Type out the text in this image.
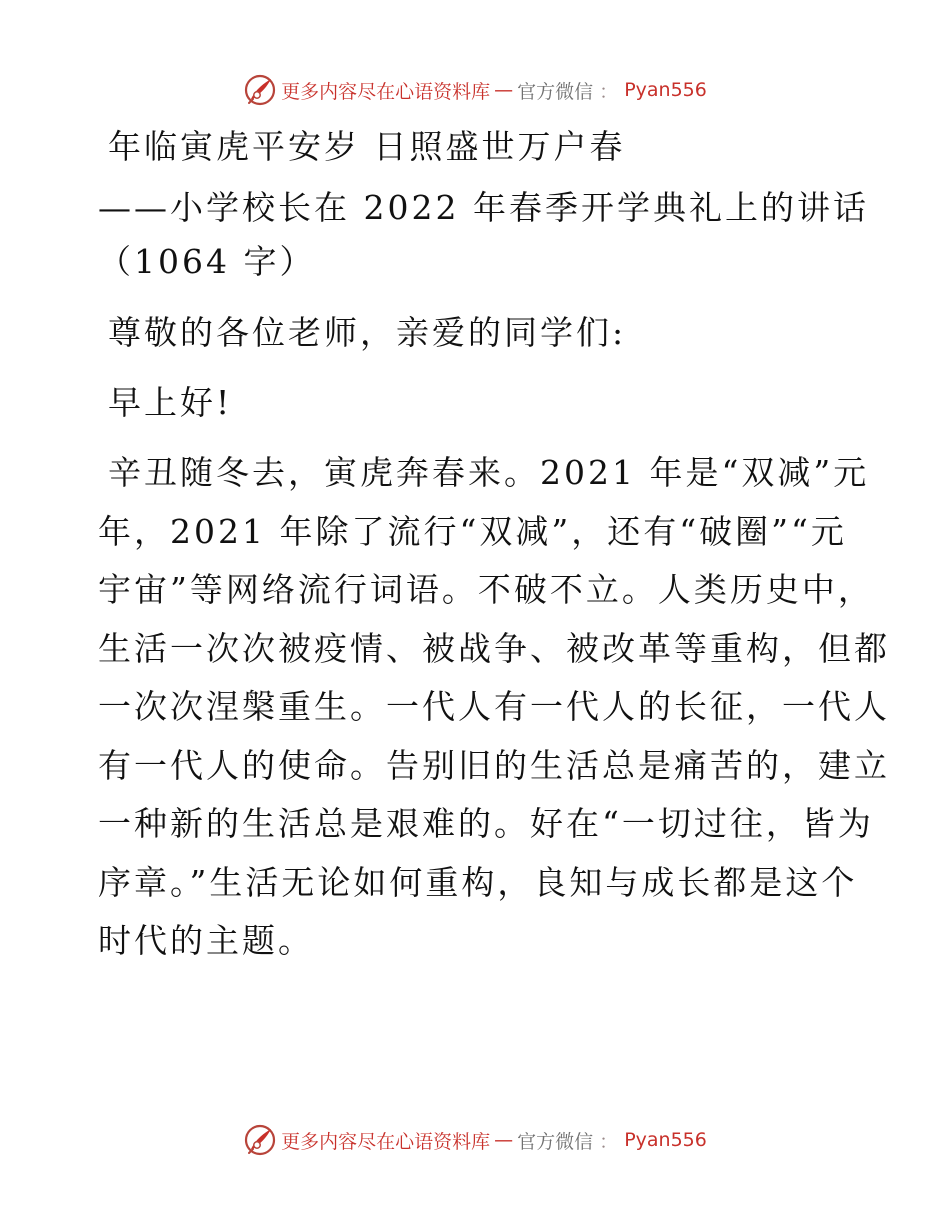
更多内容尽在心语资料库 — 官方微信 ： Pyan556
年临寅虎平安岁 日照盛世万户春
——小学校长在 2022 年春季开学典礼上的讲话
（1064 字）
尊敬的各位老师，亲爱的同学们:
早上好!
辛丑随冬去，寅虎奔春来。2021 年是“双减”元
年，2021 年除了流行“双减”，还有“破圈”“元
宇宙”等网络流行词语。不破不立。人类历史中，
生活一次次被疫情、被战争、被改革等重构，但都
一次次涅槃重生。一代人有一代人的长征，一代人
有一代人的使命。告别旧的生活总是痛苦的，建立
一种新的生活总是艰难的。好在“一切过往，皆为
序章。”生活无论如何重构，良知与成长都是这个
时代的主题。
更多内容尽在心语资料库 — 官方微信 ： Pyan556
